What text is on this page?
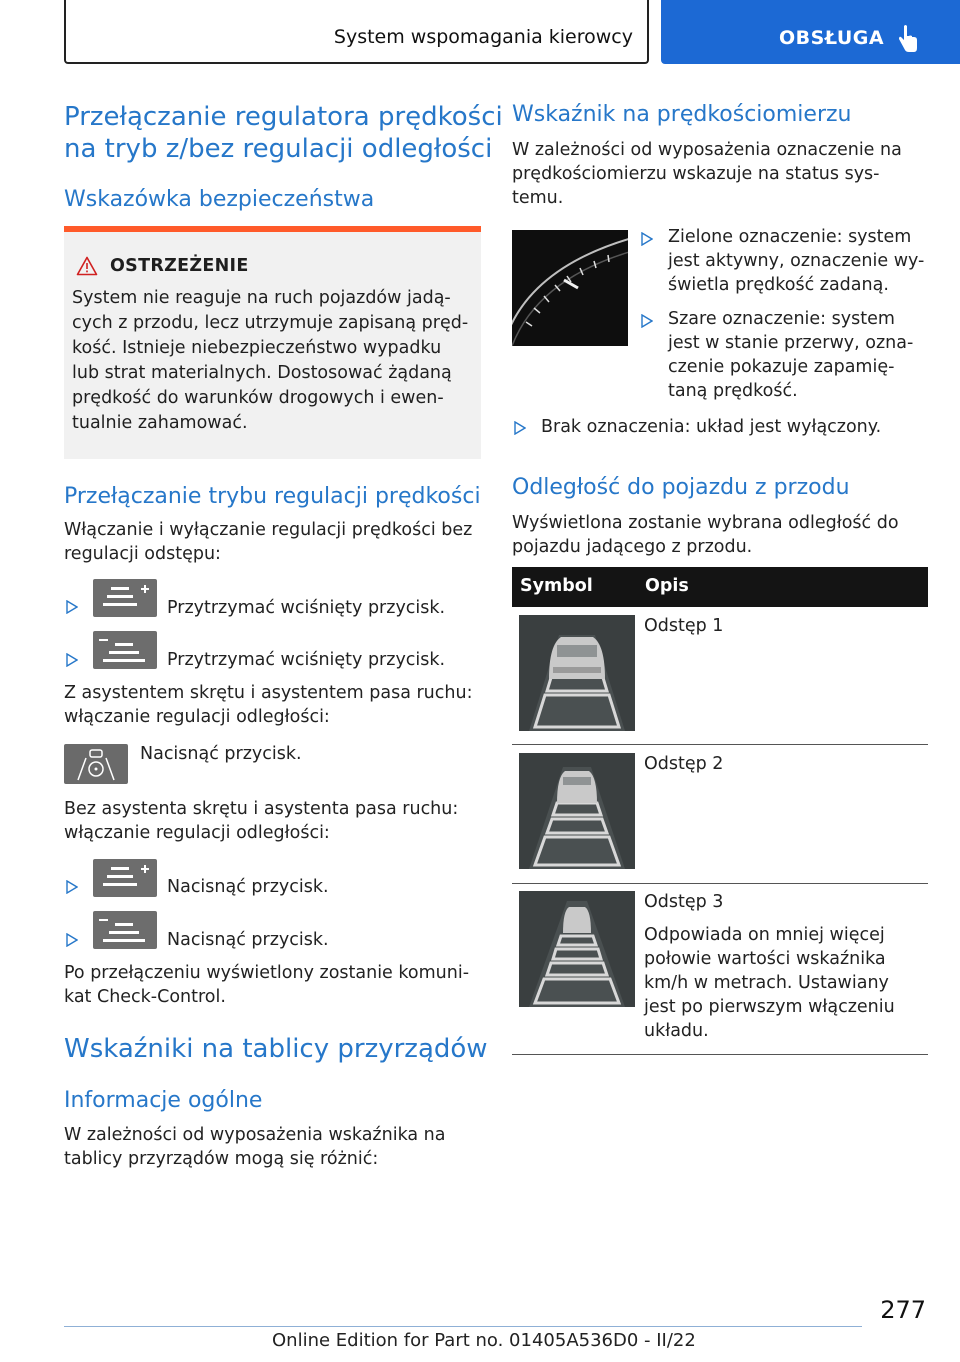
System wspomagania kierowcy	OBSŁUGA
Przełączanie regulatora prędkości
na tryb z/bez regulacji odległości
Wskazówka bezpieczeństwa
OSTRZEŻENIE
System nie reaguje na ruch pojazdów jadą-
cych z przodu, lecz utrzymuje zapisaną pręd-
kość. Istnieje niebezpieczeństwo wypadku
lub strat materialnych. Dostosować żądaną
prędkość do warunków drogowych i ewen-
tualnie zahamować.
Przełączanie trybu regulacji prędkości
Włączanie i wyłączanie regulacji prędkości bez
regulacji odstępu:
Przytrzymać wciśnięty przycisk.
Przytrzymać wciśnięty przycisk.
Z asystentem skrętu i asystentem pasa ruchu:
włączanie regulacji odległości:
Nacisnąć przycisk.
Bez asystenta skrętu i asystenta pasa ruchu:
włączanie regulacji odległości:
Nacisnąć przycisk.
Nacisnąć przycisk.
Po przełączeniu wyświetlony zostanie komuni-
kat Check-Control.
Wskaźniki na tablicy przyrządów
Informacje ogólne
W zależności od wyposażenia wskaźnika na
tablicy przyrządów mogą się różnić:
Wskaźnik na prędkościomierzu
W zależności od wyposażenia oznaczenie na
prędkościomierzu wskazuje na status sys-
temu.
Zielone oznaczenie: system
jest aktywny, oznaczenie wy-
świetla prędkość zadaną.
Szare oznaczenie: system
jest w stanie przerwy, ozna-
czenie pokazuje zapamię-
taną prędkość.
Brak oznaczenia: układ jest wyłączony.
Odległość do pojazdu z przodu
Wyświetlona zostanie wybrana odległość do
pojazdu jadącego z przodu.
Symbol	Opis
Odstęp 1
Odstęp 2
Odstęp 3
Odpowiada on mniej więcej
połowie wartości wskaźnika
km/h w metrach. Ustawiany
jest po pierwszym włączeniu
układu.
277
Online Edition for Part no. 01405A536D0 - II/22
